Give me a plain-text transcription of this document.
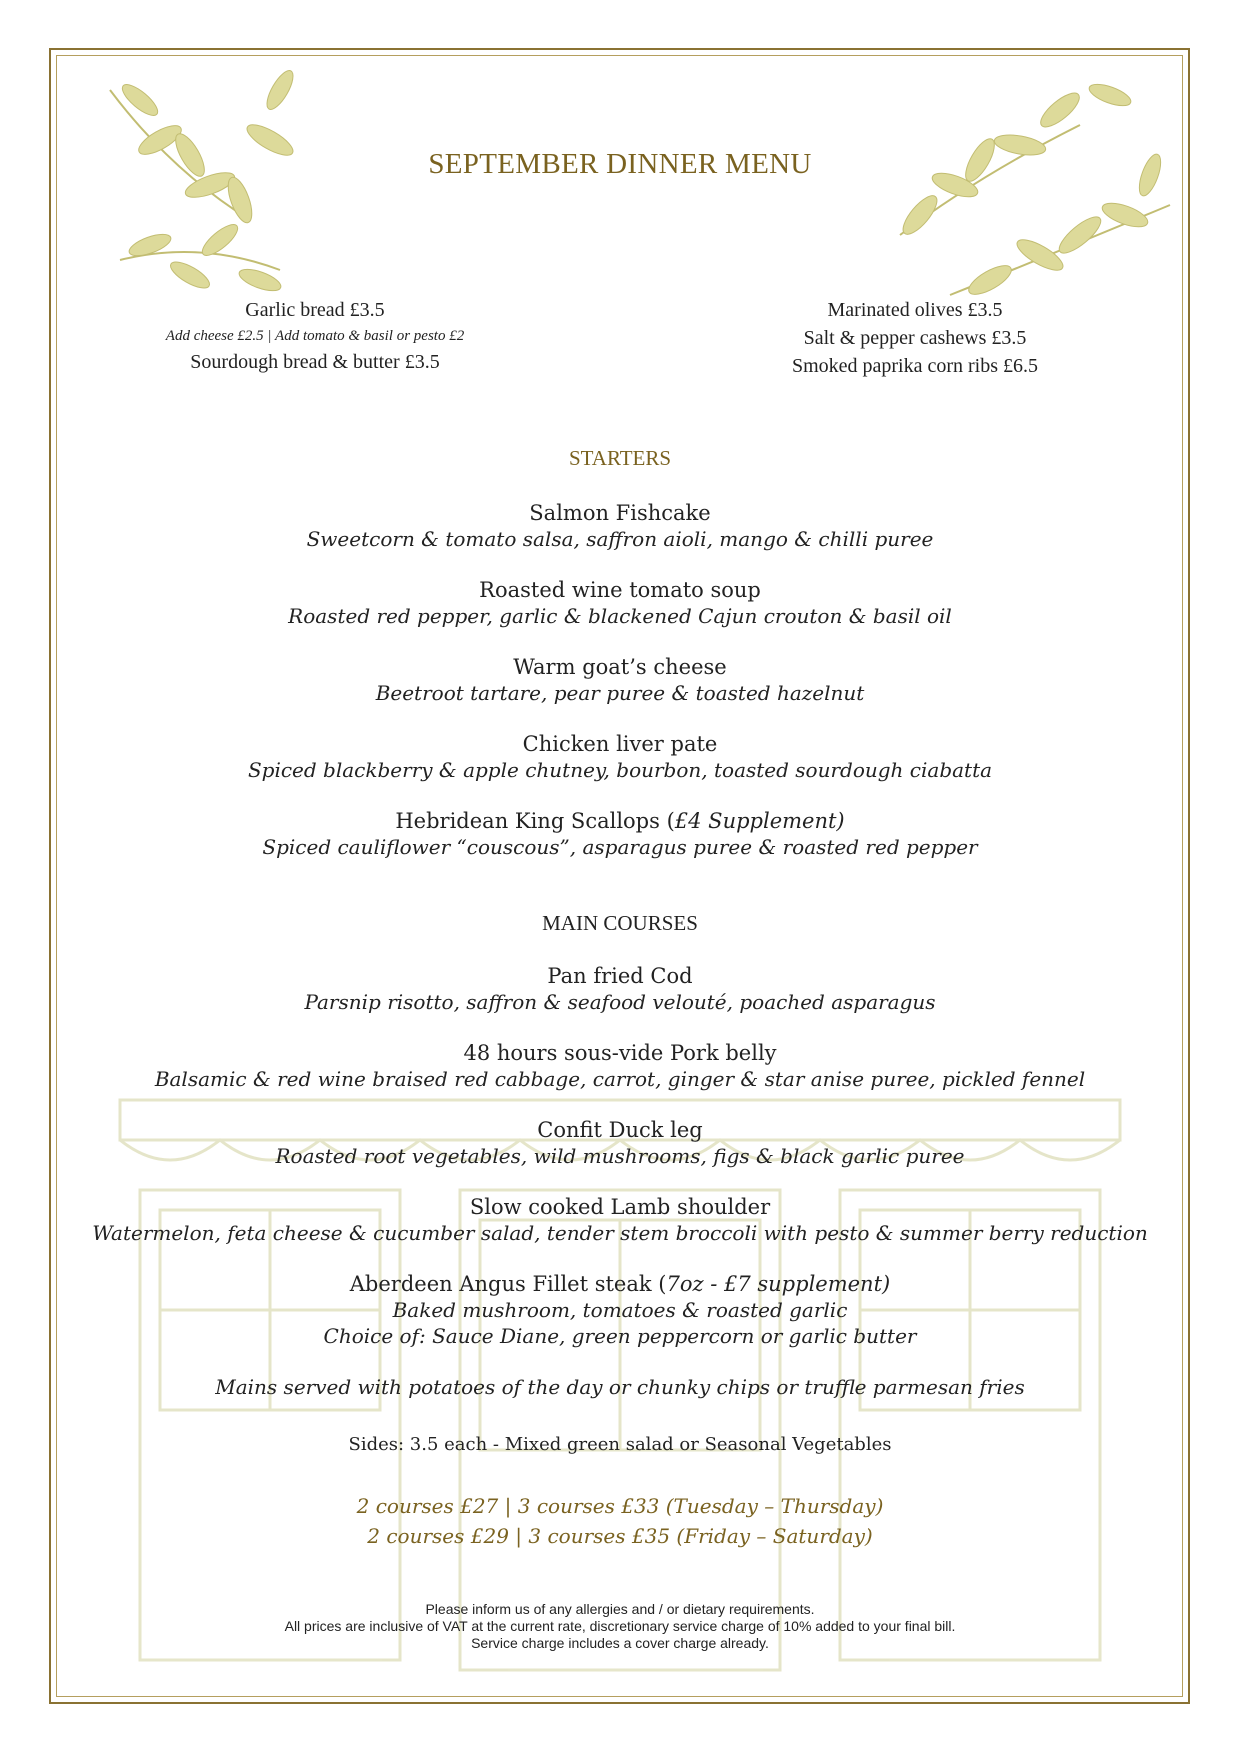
SEPTEMBER DINNER MENU
Garlic bread £3.5
Add cheese £2.5 | Add tomato & basil or pesto £2
Sourdough bread & butter £3.5
Marinated olives £3.5
Salt & pepper cashews £3.5
Smoked paprika corn ribs £6.5
STARTERS
Salmon Fishcake
Sweetcorn & tomato salsa, saffron aioli, mango & chilli puree
Roasted wine tomato soup
Roasted red pepper, garlic & blackened Cajun crouton & basil oil
Warm goat’s cheese
Beetroot tartare, pear puree & toasted hazelnut
Chicken liver pate
Spiced blackberry & apple chutney, bourbon, toasted sourdough ciabatta
Hebridean King Scallops (£4 Supplement)
Spiced cauliflower “couscous”, asparagus puree & roasted red pepper
MAIN COURSES
Pan fried Cod
Parsnip risotto, saffron & seafood velouté, poached asparagus
48 hours sous-vide Pork belly
Balsamic & red wine braised red cabbage, carrot, ginger & star anise puree, pickled fennel
Confit Duck leg
Roasted root vegetables, wild mushrooms, figs & black garlic puree
Slow cooked Lamb shoulder
Watermelon, feta cheese & cucumber salad, tender stem broccoli with pesto & summer berry reduction
Aberdeen Angus Fillet steak (7oz - £7 supplement)
Baked mushroom, tomatoes & roasted garlic
Choice of: Sauce Diane, green peppercorn or garlic butter
Mains served with potatoes of the day or chunky chips or truffle parmesan fries
Sides: 3.5 each - Mixed green salad or Seasonal Vegetables
2 courses £27 | 3 courses £33 (Tuesday – Thursday)
2 courses £29 | 3 courses £35 (Friday – Saturday)
Please inform us of any allergies and / or dietary requirements.
All prices are inclusive of VAT at the current rate, discretionary service charge of 10% added to your final bill.
Service charge includes a cover charge already.
